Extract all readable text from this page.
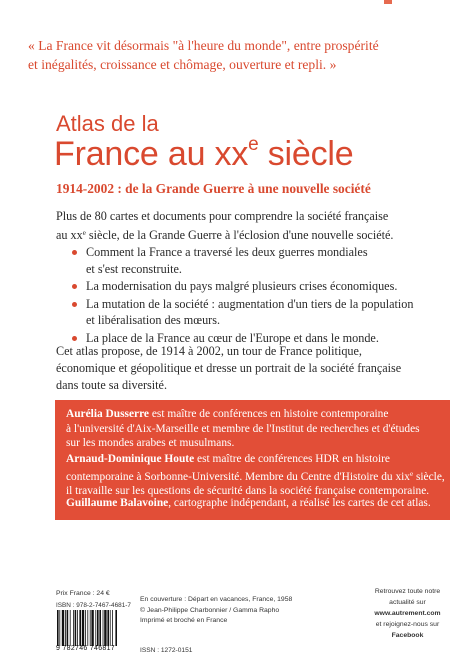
« La France vit désormais "à l'heure du monde", entre prospérité
et inégalités, croissance et chômage, ouverture et repli. »
Atlas de la
France au $xx^e$ siècle
1914-2002 : de la Grande Guerre à une nouvelle société

Plus de 80 cartes et documents pour comprendre la société française

au $xx^e$ siècle, de la Grande Guerre à l'éclosion d'une nouvelle société.

Comment la France a traversé les deux guerres mondiales
et s'est reconstruite.
La modernisation du pays malgré plusieurs crises économiques.
La mutation de la société : augmentation d'un tiers de la population
et libéralisation des mœurs.
La place de la France au cœur de l'Europe et dans le monde.

Cet atlas propose, de 1914 à 2002, un tour de France politique, économique et géopolitique et dresse un portrait de la société française dans toute sa diversité.

Aurélia Dusserre est maître de conférences en histoire contemporaine
à l'université d'Aix-Marseille et membre de l'Institut de recherches et d'études
sur les mondes arabes et musulmans.
Arnaud-Dominique Houte est maître de conférences HDR en histoire
contemporaine à Sorbonne-Université. Membre du Centre d'Histoire du xix$^e$ siècle,
il travaille sur les questions de sécurité dans la société française contemporaine.
Guillaume Balavoine, cartographe indépendant, a réalisé les cartes de cet atlas.
Prix France : 24 €
ISBN : 978-2-7467-4681-7
9 782746 746817
En couverture : Départ en vacances, France, 1958
© Jean-Philippe Charbonnier / Gamma Rapho
Imprimé et broché en France
ISSN : 1272-0151
Retrouvez toute notre actualité sur
www.autrement.com
et rejoignez-nous sur Facebook
